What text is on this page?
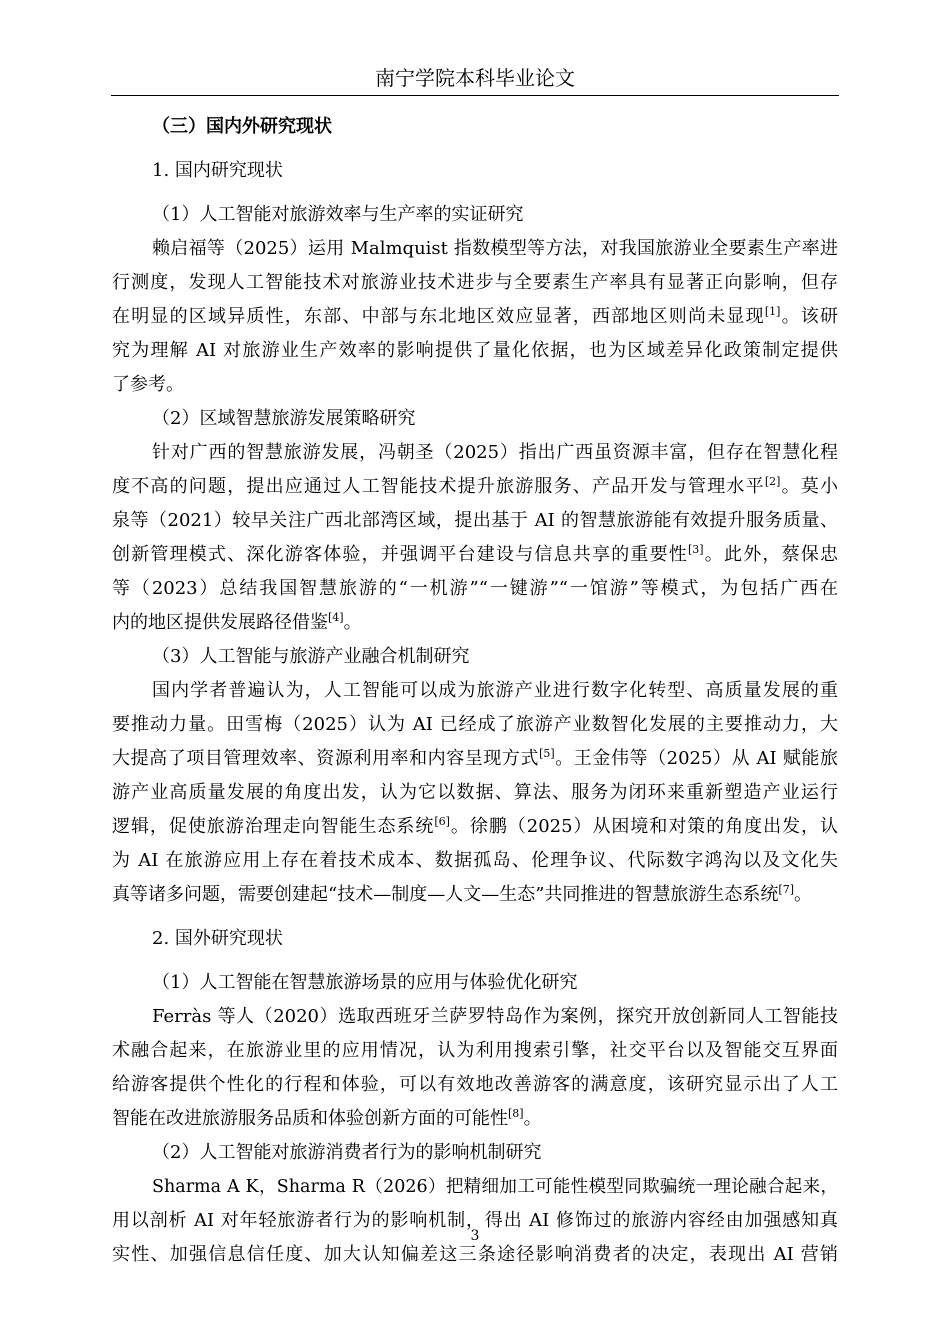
南宁学院本科毕业论文
（三）国内外研究现状
1. 国内研究现状
（1）人工智能对旅游效率与生产率的实证研究
赖启福等（2025）运用 Malmquist 指数模型等方法，对我国旅游业全要素生产率进
行测度，发现人工智能技术对旅游业技术进步与全要素生产率具有显著正向影响，但存
在明显的区域异质性，东部、中部与东北地区效应显著，西部地区则尚未显现[1]。该研
究为理解 AI 对旅游业生产效率的影响提供了量化依据，也为区域差异化政策制定提供
了参考。
（2）区域智慧旅游发展策略研究
针对广西的智慧旅游发展，冯朝圣（2025）指出广西虽资源丰富，但存在智慧化程
度不高的问题，提出应通过人工智能技术提升旅游服务、产品开发与管理水平[2]。莫小
泉等（2021）较早关注广西北部湾区域，提出基于 AI 的智慧旅游能有效提升服务质量、
创新管理模式、深化游客体验，并强调平台建设与信息共享的重要性[3]。此外，蔡保忠
等（2023）总结我国智慧旅游的“一机游”“一键游”“一馆游”等模式，为包括广西在
内的地区提供发展路径借鉴[4]。
（3）人工智能与旅游产业融合机制研究
国内学者普遍认为，人工智能可以成为旅游产业进行数字化转型、高质量发展的重
要推动力量。田雪梅（2025）认为 AI 已经成了旅游产业数智化发展的主要推动力，大
大提高了项目管理效率、资源利用率和内容呈现方式[5]。王金伟等（2025）从 AI 赋能旅
游产业高质量发展的角度出发，认为它以数据、算法、服务为闭环来重新塑造产业运行
逻辑，促使旅游治理走向智能生态系统[6]。徐鹏（2025）从困境和对策的角度出发，认
为 AI 在旅游应用上存在着技术成本、数据孤岛、伦理争议、代际数字鸿沟以及文化失
真等诸多问题，需要创建起“技术—制度—人文—生态”共同推进的智慧旅游生态系统[7]。
2. 国外研究现状
（1）人工智能在智慧旅游场景的应用与体验优化研究
Ferràs 等人（2020）选取西班牙兰萨罗特岛作为案例，探究开放创新同人工智能技
术融合起来，在旅游业里的应用情况，认为利用搜索引擎，社交平台以及智能交互界面
给游客提供个性化的行程和体验，可以有效地改善游客的满意度，该研究显示出了人工
智能在改进旅游服务品质和体验创新方面的可能性[8]。
（2）人工智能对旅游消费者行为的影响机制研究
Sharma A K，Sharma R（2026）把精细加工可能性模型同欺骗统一理论融合起来，
用以剖析 AI 对年轻旅游者行为的影响机制，得出 AI 修饰过的旅游内容经由加强感知真
实性、加强信息信任度、加大认知偏差这三条途径影响消费者的决定，表现出 AI 营销
3
